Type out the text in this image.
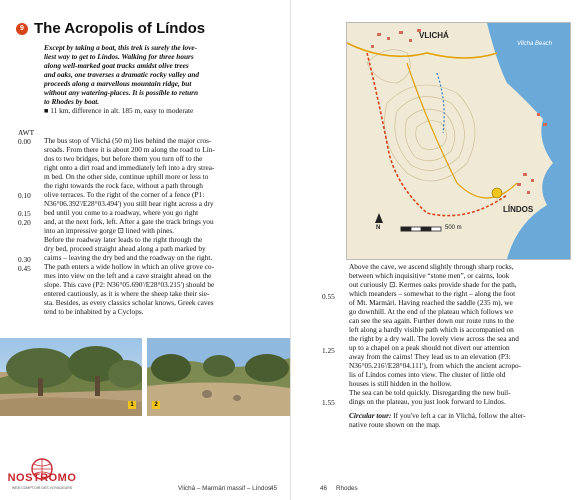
9 The Acropolis of Líndos
Except by taking a boat, this trek is surely the love-
liest way to get to Líndos. Walking for three hours
along well-marked goat tracks amidst olive trees
and oaks, one traverses a dramatic rocky valley and
proceeds along a marvellous mountain ridge, but
without any watering-places. It is possible to return
to Rhodes by boat.
■ 11 km, difference in alt. 185 m, easy to moderate
AWT
0.00
0.10
0.15
0.20
0.30
0.45

The bus stop of Vlichá (50 m) lies behind the major cros-

sroads. From there it is about 200 m along the road to Lín-

dos to two bridges, but before them you turn off to the

right onto a dirt road and immediately left into a dry strea-

m bed. On the other side, continue uphill more or less to

the right towards the rock face, without a path through

olive terraces. To the right of the corner of a fence (P1:

N36°06.392'/E28°03.494') you still bear right across a dry

bed until you come to a roadway, where you go right

and, at the next fork, left. After a gate the track brings you

into an impressive gorge ⊡ lined with pines.

Before the roadway later leads to the right through the

dry bed, proceed straight ahead along a path marked by

cairns – leaving the dry bed and the roadway on the right.

The path enters a wide hollow in which an olive grove co-

mes into view on the left and a cave straight ahead on the

slope. This cave (P2: N36°05.690'/E28°03.215') should be

entered cautiously, as it is where the sheep take their sie-

sta. Besides, as every classics scholar knows, Greek caves

tend to be inhabited by a Cyclops.

1	2
NOSTROMO
WEB COMPTOIR DES VOYAGEURS	Vlichá – Marmári massif – Líndos
45
VLICHÁ
Vlicha Beach
LÍNDOS
500 m
N
0.55
1.25
1.55

Above the cave, we ascend slightly through sharp rocks,

between which inquisitive “stone men”, or cairns, look

out curiously ⊡. Kermes oaks provide shade for the path,

which meanders – somewhat to the right – along the foot

of Mt. Marmári. Having reached the saddle (235 m), we

go downhill. At the end of the plateau which follows we

can see the sea again. Further down our route runs to the

left along a hardly visible path which is accompanied on

the right by a dry wall. The lovely view across the sea and

up to a chapel on a peak should not divert our attention

away from the cairns! They lead us to an elevation (P3:

N36°05.216'/E28°04.111'), from which the ancient acropo-

lis of Líndos comes into view. The cluster of little old

houses is still hidden in the hollow.

The sea can be told quickly. Disregarding the new buil-

dings on the plateau, you just look forward to Líndos.

Circular tour: If you've left a car in Vlichá, follow the alter-

native route shown on the map.

46 Rhodes
